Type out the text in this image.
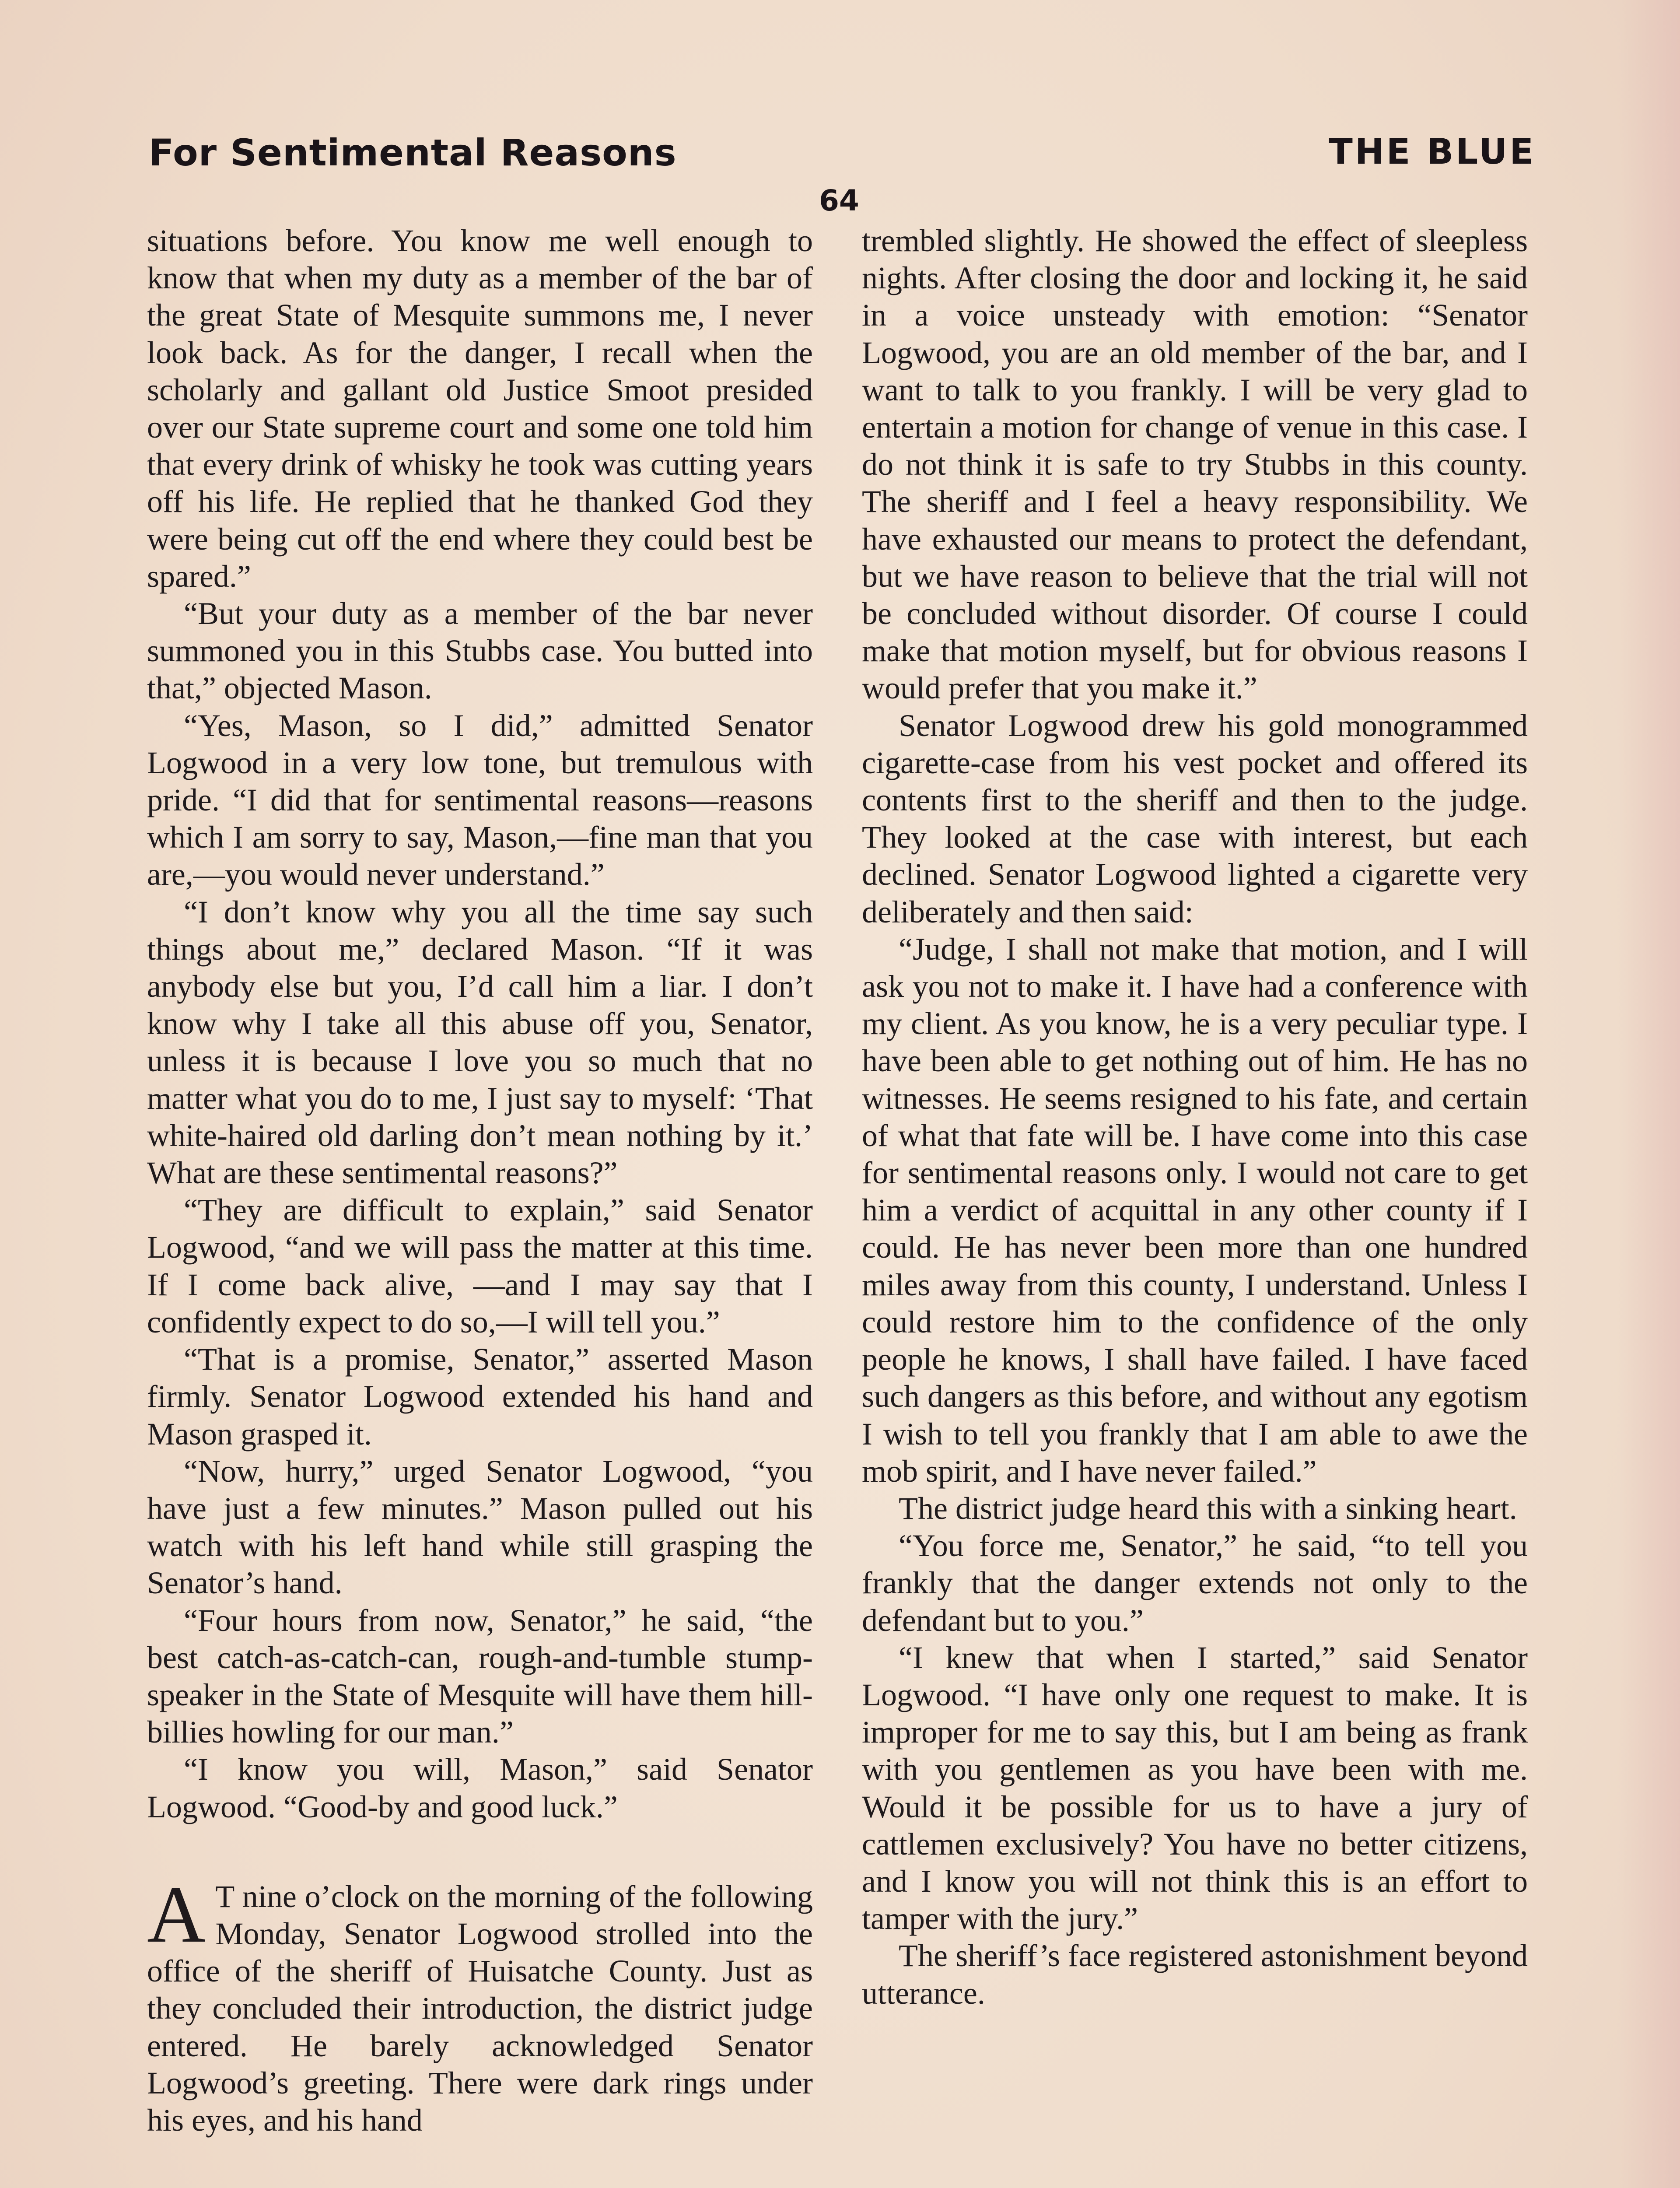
For Sentimental Reasons	THE BLUE
64

situations before. You know me well enough to know that when my duty as a member of the bar of the great State of Mesquite summons me, I never look back. As for the danger, I recall when the scholarly and gallant old Justice Smoot presided over our State supreme court and some one told him that every drink of whisky he took was cutting years off his life. He replied that he thanked God they were being cut off the end where they could best be spared.”

“But your duty as a member of the bar never summoned you in this Stubbs case. You butted into that,” objected Mason.

“Yes, Mason, so I did,” admitted Senator Logwood in a very low tone, but tremulous with pride. “I did that for sentimental reasons—reasons which I am sorry to say, Mason,—fine man that you are,—you would never understand.”

“I don’t know why you all the time say such things about me,” declared Mason. “If it was anybody else but you, I’d call him a liar. I don’t know why I take all this abuse off you, Senator, unless it is because I love you so much that no matter what you do to me, I just say to myself: ‘That white-haired old darling don’t mean nothing by it.’ What are these sentimental reasons?”

“They are difficult to explain,” said Senator Logwood, “and we will pass the matter at this time. If I come back alive, —and I may say that I confidently expect to do so,—I will tell you.”

“That is a promise, Senator,” asserted Mason firmly. Senator Logwood extended his hand and Mason grasped it.

“Now, hurry,” urged Senator Logwood, “you have just a few minutes.” Mason pulled out his watch with his left hand while still grasping the Senator’s hand.

“Four hours from now, Senator,” he said, “the best catch-as-catch-can, rough-and-tumble stump-speaker in the State of Mesquite will have them hill-billies howling for our man.”

“I know you will, Mason,” said Senator Logwood. “Good-by and good luck.”

A T nine o’clock on the morning of the following Monday, Senator Logwood strolled into the office of the sheriff of Huisatche County. Just as they concluded their introduction, the district judge entered. He barely acknowledged Senator Logwood’s greeting. There were dark rings under his eyes, and his hand

trembled slightly. He showed the effect of sleepless nights. After closing the door and locking it, he said in a voice unsteady with emotion: “Senator Logwood, you are an old member of the bar, and I want to talk to you frankly. I will be very glad to entertain a motion for change of venue in this case. I do not think it is safe to try Stubbs in this county. The sheriff and I feel a heavy responsibility. We have exhausted our means to protect the defendant, but we have reason to believe that the trial will not be concluded without disorder. Of course I could make that motion myself, but for obvious reasons I would prefer that you make it.”

Senator Logwood drew his gold monogrammed cigarette-case from his vest pocket and offered its contents first to the sheriff and then to the judge. They looked at the case with interest, but each declined. Senator Logwood lighted a cigarette very deliberately and then said:

“Judge, I shall not make that motion, and I will ask you not to make it. I have had a conference with my client. As you know, he is a very peculiar type. I have been able to get nothing out of him. He has no witnesses. He seems resigned to his fate, and certain of what that fate will be. I have come into this case for sentimental reasons only. I would not care to get him a verdict of acquittal in any other county if I could. He has never been more than one hundred miles away from this county, I understand. Unless I could restore him to the confidence of the only people he knows, I shall have failed. I have faced such dangers as this before, and without any egotism I wish to tell you frankly that I am able to awe the mob spirit, and I have never failed.”

The district judge heard this with a sinking heart.

“You force me, Senator,” he said, “to tell you frankly that the danger extends not only to the defendant but to you.”

“I knew that when I started,” said Senator Logwood. “I have only one request to make. It is improper for me to say this, but I am being as frank with you gentlemen as you have been with me. Would it be possible for us to have a jury of cattlemen exclusively? You have no better citizens, and I know you will not think this is an effort to tamper with the jury.”

The sheriff’s face registered astonishment beyond utterance.
